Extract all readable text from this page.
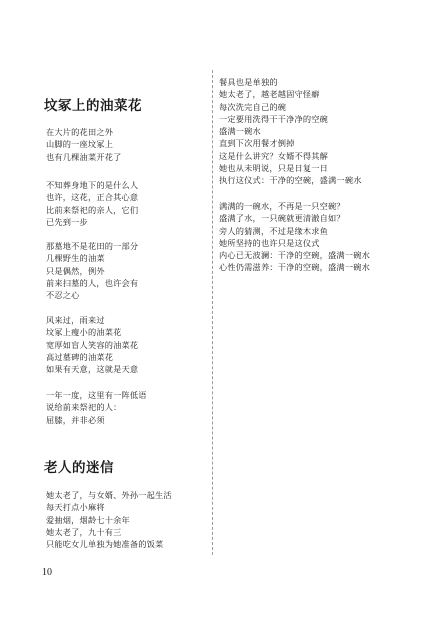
坟冢上的油菜花
在大片的花田之外
山脚的一座坟冢上
也有几棵油菜开花了
不知葬身地下的是什么人
也许，这花，正合其心意
比前来祭祀的亲人，它们
已先到一步
那墓地不是花田的一部分
几棵野生的油菜
只是偶然，例外
前来扫墓的人，也许会有
不忍之心
风来过，雨来过
坟冢上瘦小的油菜花
宽厚如盲人笑容的油菜花
高过墓碑的油菜花
如果有天意，这就是天意
一年一度，这里有一阵低语
说给前来祭祀的人：
屈膝，并非必须
老人的迷信
她太老了，与女婿、外孙一起生活
每天打点小麻将
爱抽烟，烟龄七十余年
她太老了，九十有三
只能吃女儿单独为她准备的饭菜
餐具也是单独的
她太老了，越老越固守怪癖
每次洗完自己的碗
一定要用洗得干干净净的空碗
盛满一碗水
直到下次用餐才倒掉
这是什么讲究？女婿不得其解
她也从未明说，只是日复一日
执行这仪式：干净的空碗，盛满一碗水
满满的一碗水，不再是一只空碗？
盛满了水，一只碗就更清澈自如？
旁人的猜测，不过是缘木求鱼
她所坚持的也许只是这仪式
内心已无波澜：干净的空碗，盛满一碗水
心性仍需滋养：干净的空碗，盛满一碗水
10
